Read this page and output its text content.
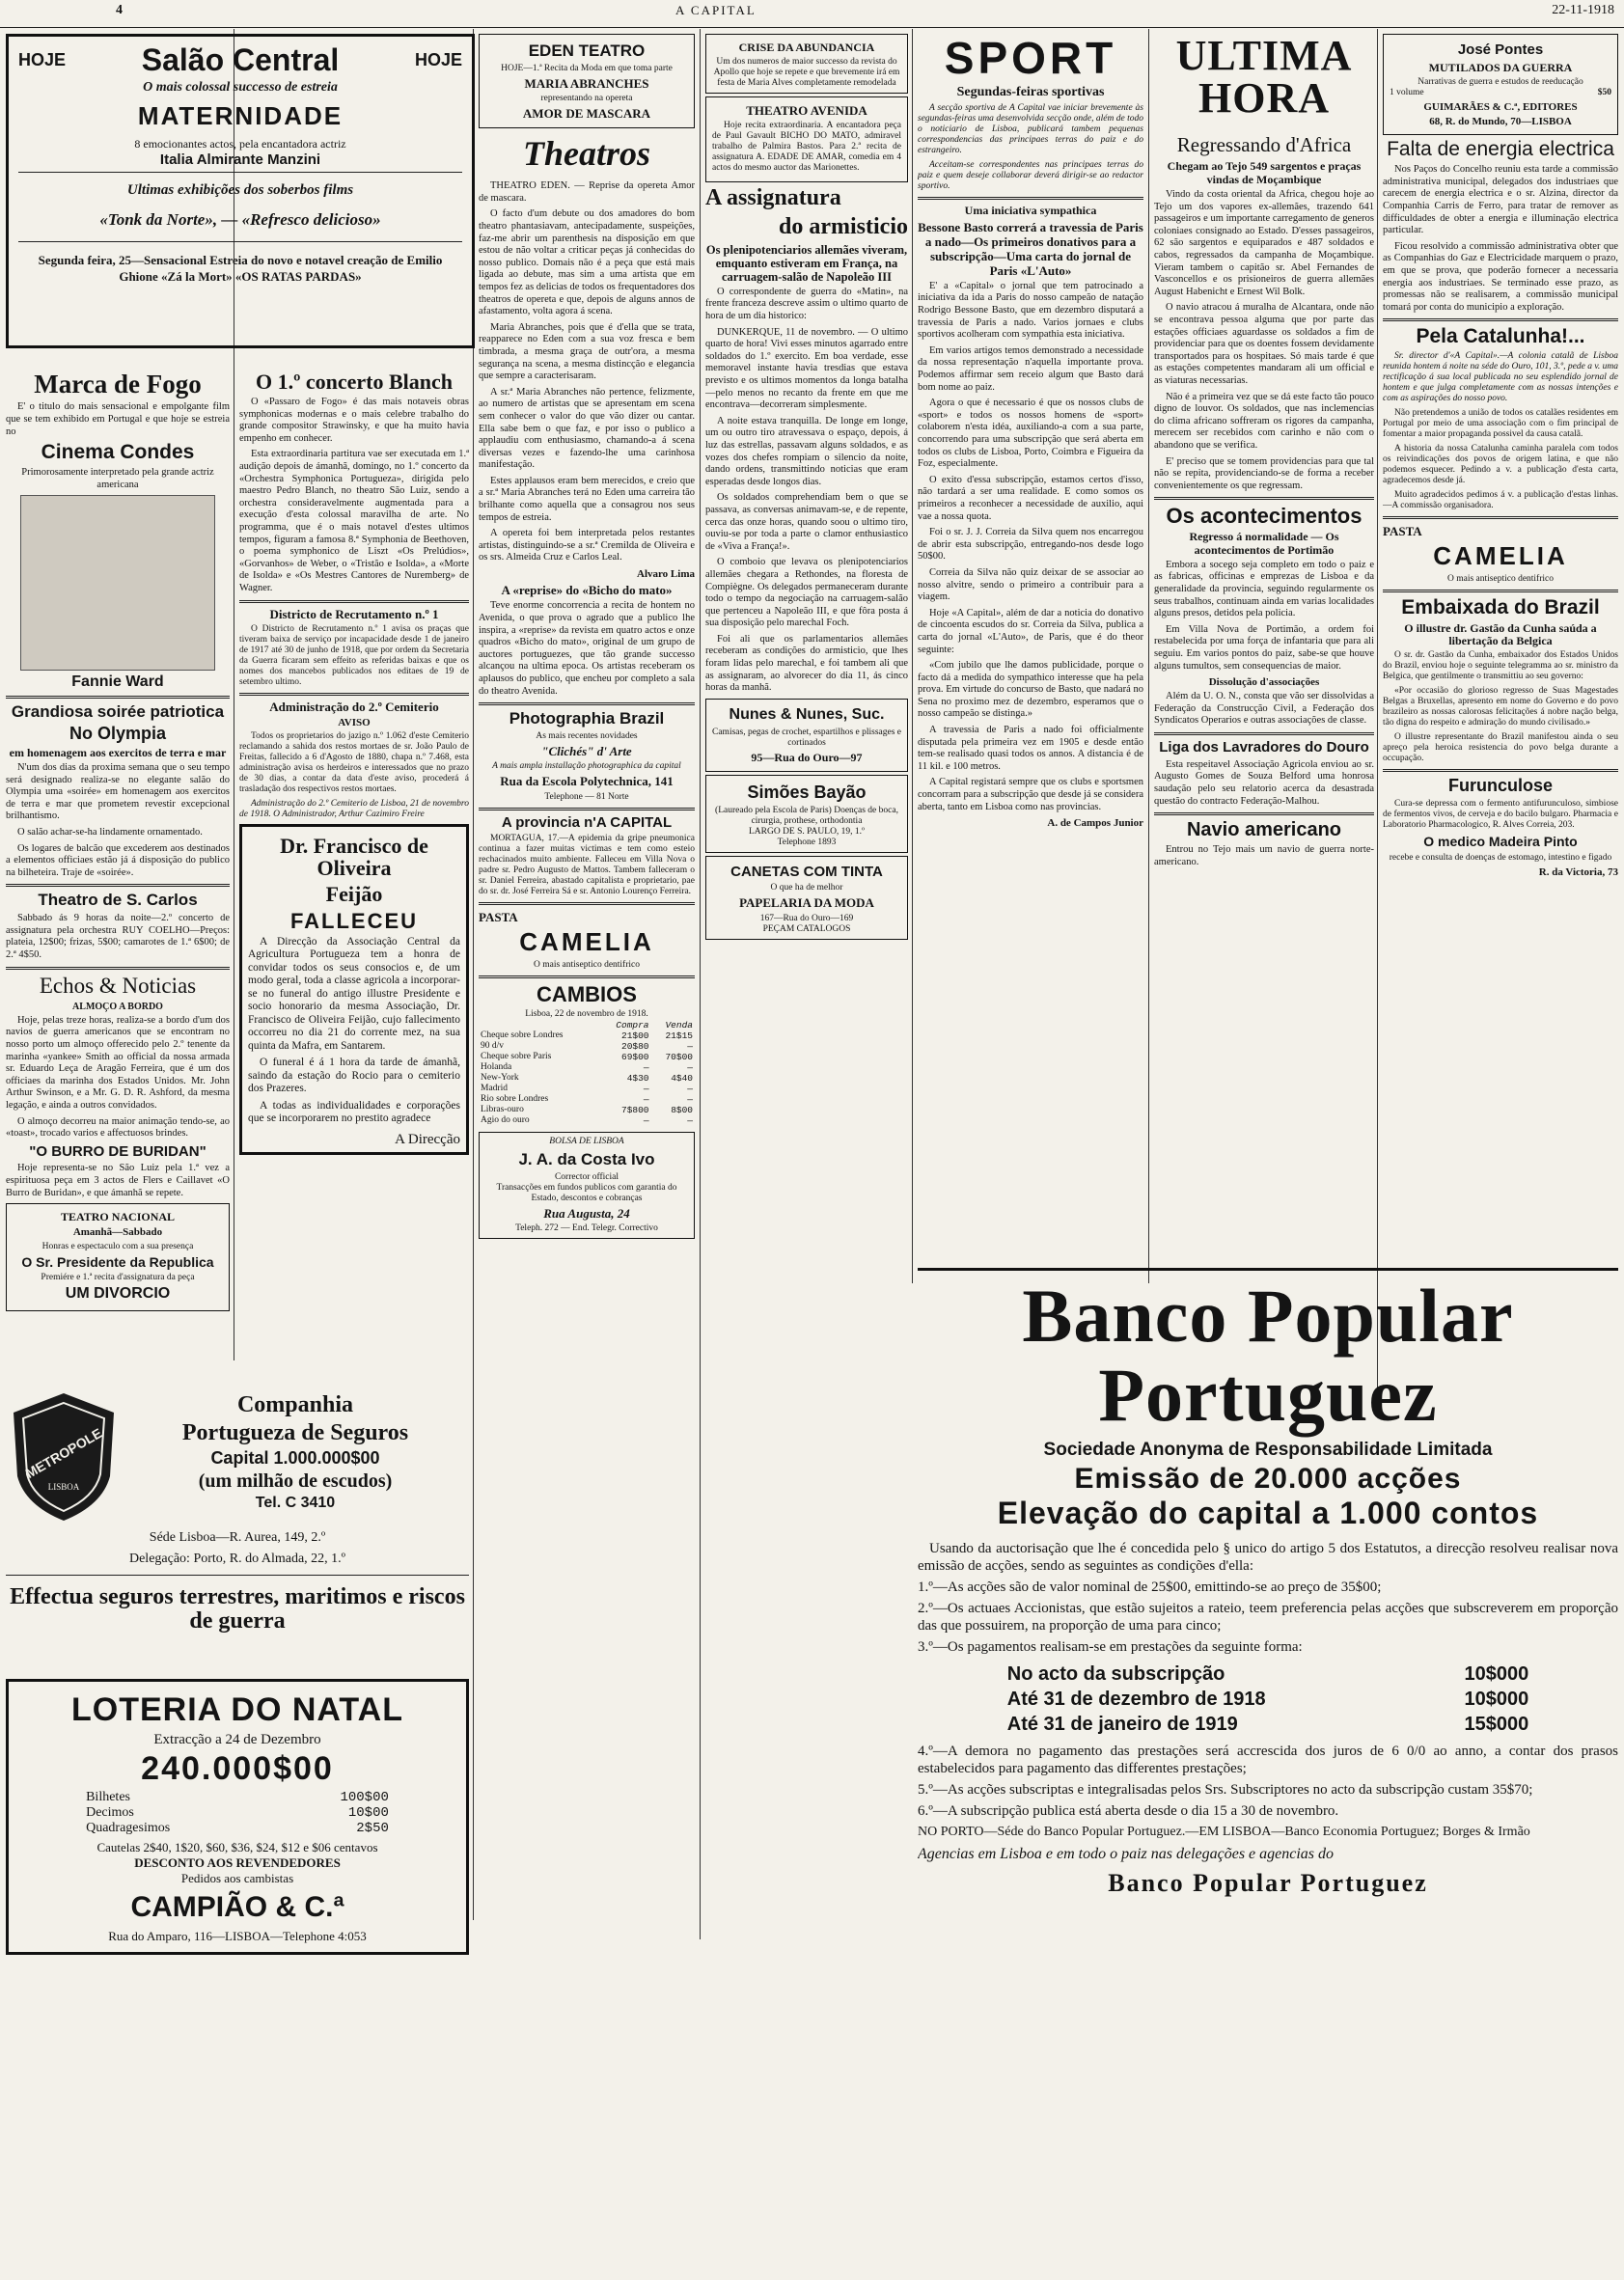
4	A CAPITAL	22-11-1918
HOJE Salão Central	HOJE
O mais colossal successo de estreia
MATERNIDADE
8 emocionantes actos, pela encantadora actriz
Italia Almirante Manzini
Ultimas exhibições dos soberbos films
«Tonk da Norte», — «Refresco delicioso»
Segunda feira, 25—Sensacional Estreia do novo e notavel creação de Emilio Ghione «Zá la Mort» «OS RATAS PARDAS»
Marca de Fogo

E' o titulo do mais sensacional e empolgante film que se tem exhibido em Portugal e que hoje se estreia no

Cinema Condes

Primorosamente interpretado pela grande actriz americana

Fannie Ward
Grandiosa soirée patriotica
No Olympia
em homenagem aos exercitos de terra e mar

N'um dos dias da proxima semana que o seu tempo será designado realiza-se no elegante salão do Olympia uma «soirée» em homenagem aos exercitos de terra e mar que prometem revestir excepcional brilhantismo.

O salão achar-se-ha lindamente ornamentado.

Os logares de balcão que excederem aos destinados a elementos officiaes estão já á disposição do publico na bilheteira. Traje de «soirée».

Theatro de S. Carlos

Sabbado ás 9 horas da noite—2.º concerto de assignatura pela orchestra RUY COELHO—Preços: plateia, 12$00; frizas, 5$00; camarotes de 1.ª 6$00; de 2.ª 4$50.

Echos & Noticias
ALMOÇO A BORDO

Hoje, pelas treze horas, realiza-se a bordo d'um dos navios de guerra americanos que se encontram no nosso porto um almoço offerecido pelo 2.º tenente da marinha «yankee» Smith ao official da nossa armada sr. Eduardo Leça de Aragão Ferreira, que é um dos officiaes da marinha dos Estados Unidos. Mr. John Arthur Swinson, e a Mr. G. D. R. Ashford, da mesma legação, e ainda a outros convidados.

O almoço decorreu na maior animação tendo-se, ao «toast», trocado varios e affectuosos brindes.

"O BURRO DE BURIDAN"

Hoje representa-se no São Luiz pela 1.ª vez a espirituosa peça em 3 actos de Flers e Caillavet «O Burro de Buridan», e que ámanhã se repete.

TEATRO NACIONAL
Amanhã—Sabbado
Honras e espectaculo com a sua presença
O Sr. Presidente da Republica
Premiére e 1.ª recita d'assignatura da peça
UM DIVORCIO
O 1.º concerto Blanch

O «Passaro de Fogo» é das mais notaveis obras symphonicas modernas e o mais celebre trabalho do grande compositor Strawinsky, e que ha muito havia empenho em conhecer.

Esta extraordinaria partitura vae ser executada em 1.ª audição depois de ámanhã, domingo, no 1.º concerto da «Orchestra Symphonica Portugueza», dirigida pelo maestro Pedro Blanch, no theatro São Luiz, sendo a orchestra consideravelmente augmentada para a execução d'esta colossal maravilha de arte. No programma, que é o mais notavel d'estes ultimos tempos, figuram a famosa 8.ª Symphonia de Beethoven, o poema symphonico de Liszt «Os Prelúdios», «Gorvanhos» de Weber, o «Tristão e Isolda», a «Morte de Isolda» e «Os Mestres Cantores de Nuremberg» de Wagner.

Districto de Recrutamento n.º 1

O Districto de Recrutamento n.º 1 avisa os praças que tiveram baixa de serviço por incapacidade desde 1 de janeiro de 1917 até 30 de junho de 1918, que por ordem da Secretaria da Guerra ficaram sem effeito as referidas baixas e que os nomes dos mancebos publicados nos editaes de 19 de setembro ultimo.

Administração do 2.º Cemiterio
AVISO

Todos os proprietarios do jazigo n.º 1.062 d'este Cemiterio reclamando a sahida dos restos mortaes de sr. João Paulo de Freitas, fallecido a 6 d'Agosto de 1880, chapa n.º 7.468, esta administração avisa os herdeiros e interessados que no prazo de 30 dias, a contar da data d'este aviso, procederá á trasladação dos respectivos restos mortaes.

Administração do 2.º Cemiterio de Lisboa, 21 de novembro de 1918. O Administrador, Arthur Cazimiro Freire

Dr. Francisco de Oliveira
Feijão
FALLECEU

A Direcção da Associação Central da Agricultura Portugueza tem a honra de convidar todos os seus consocios e, de um modo geral, toda a classe agricola a incorporar-se no funeral do antigo illustre Presidente e socio honorario da mesma Associação, Dr. Francisco de Oliveira Feijão, cujo fallecimento occorreu no dia 21 do corrente mez, na sua quinta da Mafra, em Santarem.

O funeral é á 1 hora da tarde de ámanhã, saindo da estação do Rocio para o cemiterio dos Prazeres.

A todas as individualidades e corporações que se incorporarem no prestito agradece

A Direcção
METROPOLE
LISBOA
Companhia
Portugueza de Seguros
Capital 1.000.000$00
(um milhão de escudos)
Tel. C 3410
Séde Lisboa—R. Aurea, 149, 2.º
Delegação: Porto, R. do Almada, 22, 1.º
Effectua seguros terrestres, maritimos e riscos de guerra
LOTERIA DO NATAL
Extracção a 24 de Dezembro
240.000$00
Bilhetes	100$00
Decimos	10$00
Quadragesimos	2$50
Cautelas 2$40, 1$20, $60, $36, $24, $12 e $06 centavos
DESCONTO AOS REVENDEDORES
Pedidos aos cambistas
CAMPIÃO & C.ª
Rua do Amparo, 116—LISBOA—Telephone 4:053
EDEN TEATRO
HOJE—1.ª Recita da Moda em que toma parte
MARIA ABRANCHES
representando na opereta
AMOR DE MASCARA
Theatros

THEATRO EDEN. — Reprise da opereta Amor de mascara.

O facto d'um debute ou dos amadores do bom theatro phantasiavam, antecipadamente, suspeições, faz-me abrir um parenthesis na disposição em que estou de não voltar a criticar peças já conhecidas do nosso publico. Domais não é a peça que está mais ligada ao debute, mas sim a uma artista que em tempos fez as delicias de todos os frequentadores dos theatros de opereta e que, depois de alguns annos de afastamento, volta agora á scena.

Maria Abranches, pois que é d'ella que se trata, reapparece no Eden com a sua voz fresca e bem timbrada, a mesma graça de outr'ora, a mesma segurança na scena, a mesma distincção e elegancia que sempre a caracterisaram.

A sr.ª Maria Abranches não pertence, felizmente, ao numero de artistas que se apresentam em scena sem conhecer o valor do que vão dizer ou cantar. Ella sabe bem o que faz, e por isso o publico a applaudiu com enthusiasmo, chamando-a á scena diversas vezes e fazendo-lhe uma carinhosa manifestação.

Estes applausos eram bem merecidos, e creio que a sr.ª Maria Abranches terá no Eden uma carreira tão brilhante como aquella que a consagrou nos seus tempos de estreia.

A opereta foi bem interpretada pelos restantes artistas, distinguindo-se a sr.ª Cremilda de Oliveira e os srs. Almeida Cruz e Carlos Leal.

Alvaro Lima
A «reprise» do «Bicho do mato»

Teve enorme concorrencia a recita de hontem no Avenida, o que prova o agrado que a publico lhe inspira, a «reprise» da revista em quatro actos e onze quadros «Bicho do mato», original de um grupo de auctores portuguezes, que tão grande successo alcançou na ultima epoca. Os artistas receberam os aplausos do publico, que encheu por completo a sala do theatro Avenida.

Photographia Brazil
As mais recentes novidades
"Clichés" d' Arte
A mais ampla installação photographica da capital
Rua da Escola Polytechnica, 141
Telephone — 81 Norte
A provincia n'A CAPITAL

MORTAGUA, 17.—A epidemia da gripe pneumonica continua a fazer muitas victimas e tem como esteio rechacinados muito ambiente. Falleceu em Villa Nova o padre sr. Pedro Augusto de Mattos. Tambem falleceram o sr. Daniel Ferreira, abastado capitalista e proprietario, pae do sr. dr. José Ferreira Sá e sr. Antonio Lourenço Ferreira.

PASTA
CAMELIA
O mais antiseptico dentifrico
CAMBIOS
Lisboa, 22 de novembro de 1918.
	Compra	Venda
Cheque sobre Londres	21$00	21$15
90 d/v	20$80	—
Cheque sobre Paris	69$00	70$00
Holanda	—	—
New-York	4$30	4$40
Madrid	—	—
Rio sobre Londres	—	—
Libras-ouro	7$800	8$00
Agio do ouro	—	—
BOLSA DE LISBOA
J. A. da Costa Ivo
Corrector official
Transacções em fundos publicos com garantia do Estado, descontos e cobranças
Rua Augusta, 24
Teleph. 272 — End. Telegr. Correctivo
CRISE DA ABUNDANCIA
Um dos numeros de maior successo da revista do Apollo que hoje se repete e que brevemente irá em festa de Maria Alves completamente remodelada
THEATRO AVENIDA

Hoje recita extraordinaria. A encantadora peça de Paul Gavault BICHO DO MATO, admiravel trabalho de Palmira Bastos. Para 2.ª recita de assignatura A. EDADE DE AMAR, comedia em 4 actos do mesmo auctor das Marionettes.

A assignatura
do armisticio
Os plenipotenciarios allemães viveram, emquanto estiveram em França, na carruagem-salão de Napoleão III

O correspondente de guerra do «Matin», na frente franceza descreve assim o ultimo quarto de hora de um dia historico:

DUNKERQUE, 11 de novembro. — O ultimo quarto de hora! Vivi esses minutos agarrado entre soldados do 1.º exercito. Em boa verdade, esse memoravel instante havia tresdias que estava previsto e os ultimos momentos da longa batalha—pelo menos no recanto da frente em que me encontrava—decorreram simplesmente.

A noite estava tranquilla. De longe em longe, um ou outro tiro atravessava o espaço, depois, á luz das estrellas, passavam alguns soldados, e as vozes dos chefes rompiam o silencio da noite, dando ordens, transmittindo noticias que eram esperadas desde longos dias.

Os soldados comprehendiam bem o que se passava, as conversas animavam-se, e de repente, cerca das onze horas, quando soou o ultimo tiro, ouviu-se por toda a parte o clamor enthusiastico de «Viva a França!».

O comboio que levava os plenipotenciarios allemães chegara a Rethondes, na floresta de Compiègne. Os delegados permaneceram durante todo o tempo da negociação na carruagem-salão que pertenceu a Napoleão III, e que fôra posta á sua disposição pelo marechal Foch.

Foi ali que os parlamentarios allemães receberam as condições do armisticio, que lhes foram lidas pelo marechal, e foi tambem ali que as assignaram, ao alvorecer do dia 11, ás cinco horas da manhã.

Nunes & Nunes, Suc.
Camisas, pegas de crochet, espartilhos e plissages e cortinados
95—Rua do Ouro—97
Simões Bayão
(Laureado pela Escola de Paris) Doenças de boca, cirurgia, prothese, orthodontia
LARGO DE S. PAULO, 19, 1.º
Telephone 1893
CANETAS COM TINTA
O que ha de melhor
PAPELARIA DA MODA
167—Rua do Ouro—169
PEÇAM CATALOGOS
SPORT
Segundas-feiras sportivas

A secção sportiva de A Capital vae iniciar brevemente às segundas-feiras uma desenvolvida secção onde, além de todo o noticiario de Lisboa, publicará tambem pequenas correspondencias das principaes terras do paiz e do estrangeiro.

Acceitam-se correspondentes nas principaes terras do paiz e quem deseje collaborar deverá dirigir-se ao redactor sportivo.

Uma iniciativa sympathica
Bessone Basto correrá a travessia de Paris a nado—Os primeiros donativos para a subscripção—Uma carta do jornal de Paris «L'Auto»

E' a «Capital» o jornal que tem patrocinado a iniciativa da ida a Paris do nosso campeão de natação Rodrigo Bessone Basto, que em dezembro disputará a travessia de Paris a nado. Varios jornaes e clubs sportivos acolheram com sympathia esta iniciativa.

Em varios artigos temos demonstrado a necessidade da nossa representação n'aquella importante prova. Podemos affirmar sem receio algum que Basto dará bom nome ao paiz.

Agora o que é necessario é que os nossos clubs de «sport» e todos os nossos homens de «sport» colaborem n'esta idéa, auxiliando-a com a sua parte, concorrendo para uma subscripção que será aberta em todos os clubs de Lisboa, Porto, Coimbra e Figueira da Foz, especialmente.

O exito d'essa subscripção, estamos certos d'isso, não tardará a ser uma realidade. E como somos os primeiros a reconhecer a necessidade de auxilio, aqui vae a nossa quota.

Foi o sr. J. J. Correia da Silva quem nos encarregou de abrir esta subscripção, entregando-nos desde logo 50$00.

Correia da Silva não quiz deixar de se associar ao nosso alvitre, sendo o primeiro a contribuir para a viagem.

Hoje «A Capital», além de dar a noticia do donativo de cincoenta escudos do sr. Correia da Silva, publica a carta do jornal «L'Auto», de Paris, que é do theor seguinte:

«Com jubilo que lhe damos publicidade, porque o facto dá a medida do sympathico interesse que ha pela prova. Em virtude do concurso de Basto, que nadará no Sena no proximo mez de dezembro, esperamos que o nosso campeão se distinga.»

A travessia de Paris a nado foi officialmente disputada pela primeira vez em 1905 e desde então tem-se realisado quasi todos os annos. A distancia é de 11 kil. e 100 metros.

A Capital registará sempre que os clubs e sportsmen concorram para a subscripção que desde já se considera aberta, tanto em Lisboa como nas provincias.

A. de Campos Junior
ULTIMA HORA
Regressando d'Africa
Chegam ao Tejo 549 sargentos e praças vindas de Moçambique

Vindo da costa oriental da Africa, chegou hoje ao Tejo um dos vapores ex-allemães, trazendo 641 passageiros e um importante carregamento de generos coloniaes consignado ao Estado. D'esses passageiros, 62 são sargentos e equiparados e 487 soldados e cabos, regressados da campanha de Moçambique. Vieram tambem o capitão sr. Abel Fernandes de Vasconcellos e os prisioneiros de guerra allemães August Habenicht e Ernest Wil Bolk.

O navio atracou á muralha de Alcantara, onde não se encontrava pessoa alguma que por parte das estações officiaes aguardasse os soldados a fim de providenciar para que os doentes fossem devidamente transportados para os hospitaes. Só mais tarde é que as estações competentes mandaram ali um official e as viaturas necessarias.

Não é a primeira vez que se dá este facto tão pouco digno de louvor. Os soldados, que nas inclemencias do clima africano soffreram os rigores da campanha, merecem ser recebidos com carinho e não com o abandono que se verifica.

E' preciso que se tomem providencias para que tal não se repita, providenciando-se de forma a receber convenientemente os que regressam.

Os acontecimentos
Regresso á normalidade — Os acontecimentos de Portimão

Embora a socego seja completo em todo o paiz e as fabricas, officinas e emprezas de Lisboa e da generalidade da provincia, seguindo regularmente os seus trabalhos, continuam ainda em varias localidades alguns presos, detidos pela policia.

Em Villa Nova de Portimão, a ordem foi restabelecida por uma força de infantaria que para ali seguiu. Em varios pontos do paiz, sabe-se que houve alguns tumultos, sem consequencias de maior.

Dissolução d'associações

Além da U. O. N., consta que vão ser dissolvidas a Federação da Construcção Civil, a Federação dos Syndicatos Operarios e outras associações de classe.

Liga dos Lavradores do Douro

Esta respeitavel Associação Agricola enviou ao sr. Augusto Gomes de Souza Belford uma honrosa saudação pelo seu relatorio acerca da desastrada questão do contracto Federação-Malhou.

Navio americano

Entrou no Tejo mais um navio de guerra norte-americano.

José Pontes
MUTILADOS DA GUERRA
Narrativas de guerra e estudos de reeducação
1 volume	$50
GUIMARÃES & C.ª, EDITORES
68, R. do Mundo, 70—LISBOA
Falta de energia electrica

Nos Paços do Concelho reuniu esta tarde a commissão administrativa municipal, delegados dos industriaes que carecem de energia electrica e o sr. Alzina, director da Companhia Carris de Ferro, para tratar de remover as difficuldades de obter a energia e illuminação electrica particular.

Ficou resolvido a commissão administrativa obter que as Companhias do Gaz e Electricidade marquem o prazo, em que se prova, que poderão fornecer a necessaria energia aos industriaes. Se terminado esse prazo, as promessas não se realisarem, a commissão municipal tomará por conta do municipio a exploração.

Pela Catalunha!...

Sr. director d'«A Capital».—A colonia catalã de Lisboa reunida hontem á noite na séde do Ouro, 101, 3.º, pede a v. uma rectificação á sua local publicada no seu esplendido jornal de hontem e que julga completamente com as nossas intenções e com as aspirações do nosso povo.

Não pretendemos a união de todos os catalães residentes em Portugal por meio de uma associação com o fim principal de fomentar a maior propaganda possivel da causa catalã.

A historia da nossa Catalunha caminha paralela com todos os reivindicações dos povos de origem latina, e que não podemos esquecer. Pedindo a v. a publicação d'esta carta, agradecemos desde já.

Muito agradecidos pedimos á v. a publicação d'estas linhas.—A commissão organisadora.

PASTA
CAMELIA
O mais antiseptico dentifrico
Embaixada do Brazil
O illustre dr. Gastão da Cunha saúda a libertação da Belgica

O sr. dr. Gastão da Cunha, embaixador dos Estados Unidos do Brazil, enviou hoje o seguinte telegramma ao sr. ministro da Belgica, que gentilmente o transmittiu ao seu governo:

«Por occasião do glorioso regresso de Suas Magestades Belgas a Bruxellas, apresento em nome do Governo e do povo brazileiro as nossas calorosas felicitações á nobre nação belga, tão digna do respeito e admiração do mundo civilisado.»

O illustre representante do Brazil manifestou ainda o seu apreço pela heroica resistencia do povo belga durante a occupação.

Furunculose

Cura-se depressa com o fermento antifurunculoso, simbiose de fermentos vivos, de cerveja e do bacilo bulgaro. Pharmacia e Laboratorio Pharmacologico, R. Alves Correia, 203.

O medico Madeira Pinto
recebe e consulta de doenças de estomago, intestino e figado
R. da Victoria, 73
Banco Popular Portuguez
Sociedade Anonyma de Responsabilidade Limitada
Emissão de 20.000 acções
Elevação do capital a 1.000 contos

Usando da auctorisação que lhe é concedida pelo § unico do artigo 5 dos Estatutos, a direcção resolveu realisar nova emissão de acções, sendo as seguintes as condições d'ella:

1.º—As acções são de valor nominal de 25$00, emittindo-se ao preço de 35$00;

2.º—Os actuaes Accionistas, que estão sujeitos a rateio, teem preferencia pelas acções que subscreverem em proporção das que possuirem, na proporção de uma para cinco;

3.º—Os pagamentos realisam-se em prestações da seguinte forma:

No acto da subscripção	10$000
Até 31 de dezembro de 1918	10$000
Até 31 de janeiro de 1919	15$000

4.º—A demora no pagamento das prestações será accrescida dos juros de 6 0/0 ao anno, a contar dos prasos estabelecidos para pagamento das differentes prestações;

5.º—As acções subscriptas e integralisadas pelos Srs. Subscriptores no acto da subscripção custam 35$70;

6.º—A subscripção publica está aberta desde o dia 15 a 30 de novembro.

NO PORTO—Séde do Banco Popular Portuguez.—EM LISBOA—Banco Economia Portuguez; Borges & Irmão

Agencias em Lisboa e em todo o paiz nas delegações e agencias do

Banco Popular Portuguez
